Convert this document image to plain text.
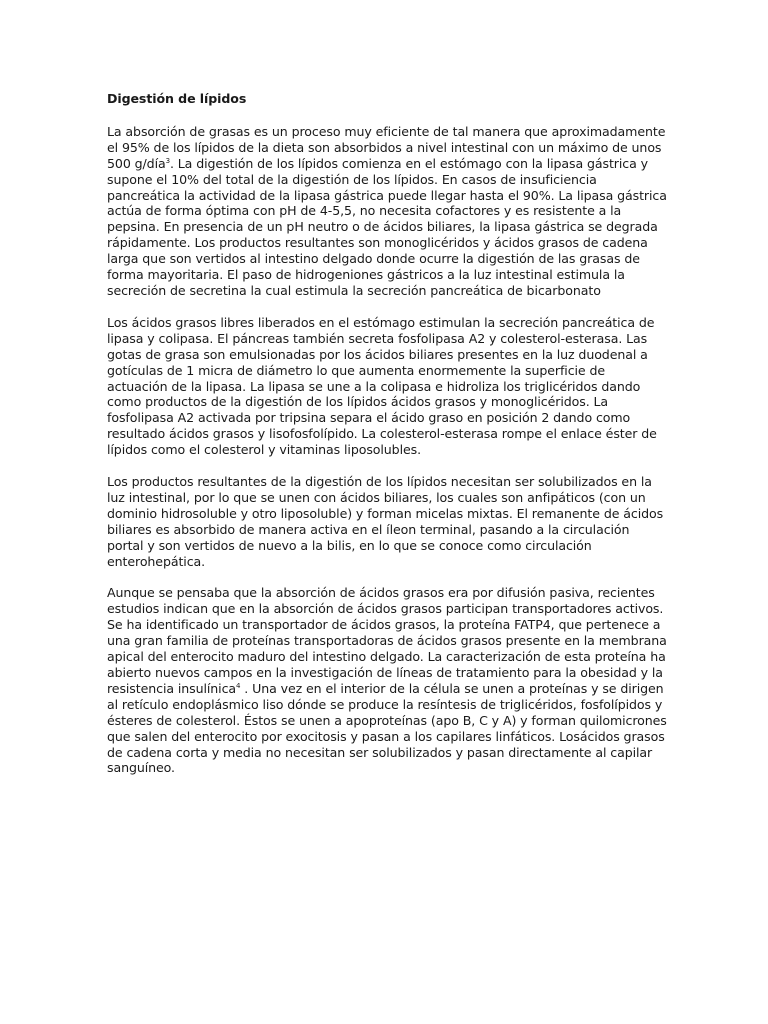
Digestión de lípidos

La absorción de grasas es un proceso muy eficiente de tal manera que aproximadamente el 95% de los lípidos de la dieta son absorbidos a nivel intestinal con un máximo de unos 500 g/día$^3$. La digestión de los lípidos comienza en el estómago con la lipasa gástrica y supone el 10% del total de la digestión de los lípidos. En casos de insuficiencia pancreática la actividad de la lipasa gástrica puede llegar hasta el 90%. La lipasa gástrica actúa de forma óptima con pH de 4-5,5, no necesita cofactores y es resistente a la pepsina. En presencia de un pH neutro o de ácidos biliares, la lipasa gástrica se degrada rápidamente. Los productos resultantes son monoglicéridos y ácidos grasos de cadena larga que son vertidos al intestino delgado donde ocurre la digestión de las grasas de forma mayoritaria. El paso de hidrogeniones gástricos a la luz intestinal estimula la secreción de secretina la cual estimula la secreción pancreática de bicarbonato

Los ácidos grasos libres liberados en el estómago estimulan la secreción pancreática de lipasa y colipasa. El páncreas también secreta fosfolipasa A2 y colesterol-esterasa. Las gotas de grasa son emulsionadas por los ácidos biliares presentes en la luz duodenal a gotículas de 1 micra de diámetro lo que aumenta enormemente la superficie de actuación de la lipasa. La lipasa se une a la colipasa e hidroliza los triglicéridos dando como productos de la digestión de los lípidos ácidos grasos y monoglicéridos. La fosfolipasa A2 activada por tripsina separa el ácido graso en posición 2 dando como resultado ácidos grasos y lisofosfolípido. La colesterol-esterasa rompe el enlace éster de lípidos como el colesterol y vitaminas liposolubles.

Los productos resultantes de la digestión de los lípidos necesitan ser solubilizados en la luz intestinal, por lo que se unen con ácidos biliares, los cuales son anfipáticos (con un dominio hidrosoluble y otro liposoluble) y forman micelas mixtas. El remanente de ácidos biliares es absorbido de manera activa en el íleon terminal, pasando a la circulación portal y son vertidos de nuevo a la bilis, en lo que se conoce como circulación enterohepática.

Aunque se pensaba que la absorción de ácidos grasos era por difusión pasiva, recientes estudios indican que en la absorción de ácidos grasos participan transportadores activos. Se ha identificado un transportador de ácidos grasos, la proteína FATP4, que pertenece a una gran familia de proteínas transportadoras de ácidos grasos presente en la membrana apical del enterocito maduro del intestino delgado. La caracterización de esta proteína ha abierto nuevos campos en la investigación de líneas de tratamiento para la obesidad y la resistencia insulínica$^4$ . Una vez en el interior de la célula se unen a proteínas y se dirigen al retículo endoplásmico liso dónde se produce la resíntesis de triglicéridos, fosfolípidos y ésteres de colesterol. Éstos se unen a apoproteínas (apo B, C y A) y forman quilomicrones que salen del enterocito por exocitosis y pasan a los capilares linfáticos. Losácidos grasos de cadena corta y media no necesitan ser solubilizados y pasan directamente al capilar sanguíneo.
